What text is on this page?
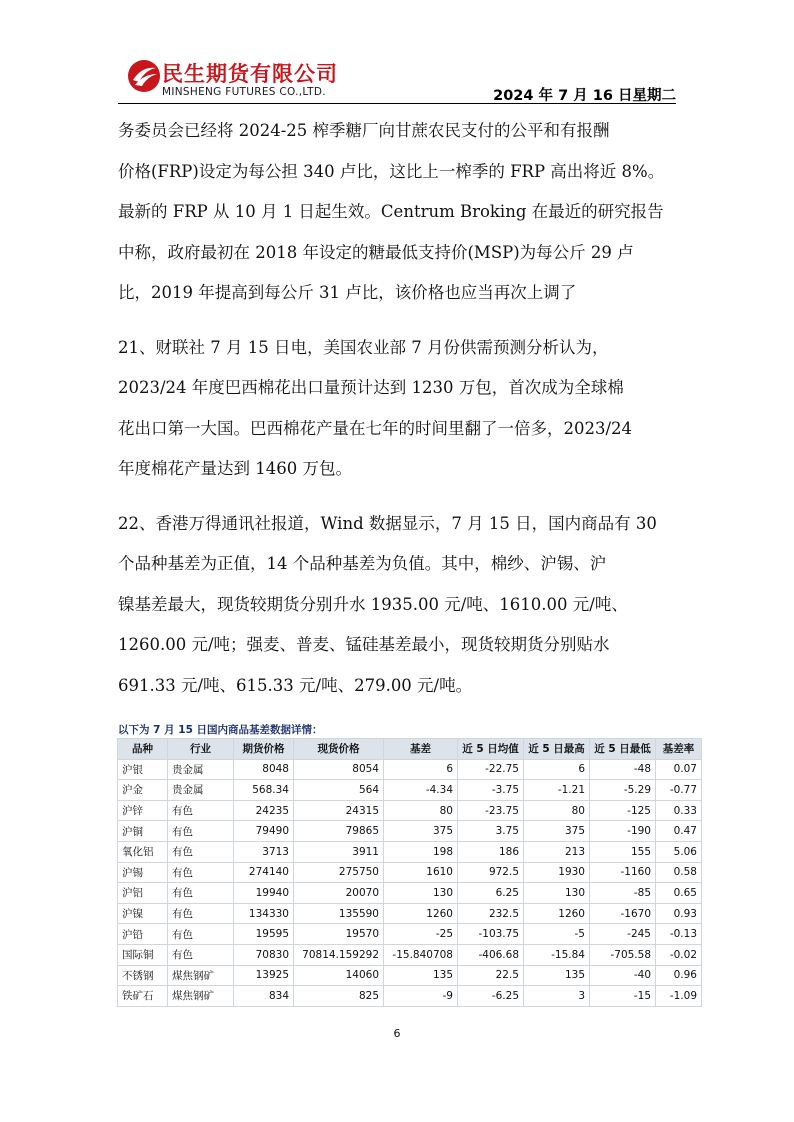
民生期货有限公司
MINSHENG FUTURES CO.,LTD.	2024 年 7 月 16 日星期二
务委员会已经将 2024-25 榨季糖厂向甘蔗农民支付的公平和有报酬
价格(FRP)设定为每公担 340 卢比，这比上一榨季的 FRP 高出将近 8%。
最新的 FRP 从 10 月 1 日起生效。Centrum Broking 在最近的研究报告
中称，政府最初在 2018 年设定的糖最低支持价(MSP)为每公斤 29 卢
比，2019 年提高到每公斤 31 卢比，该价格也应当再次上调了
21、财联社 7 月 15 日电，美国农业部 7 月份供需预测分析认为，
2023/24 年度巴西棉花出口量预计达到 1230 万包，首次成为全球棉
花出口第一大国。巴西棉花产量在七年的时间里翻了一倍多，2023/24
年度棉花产量达到 1460 万包。
22、香港万得通讯社报道，Wind 数据显示，7 月 15 日，国内商品有 30
个品种基差为正值，14 个品种基差为负值。其中，棉纱、沪锡、沪
镍基差最大，现货较期货分别升水 1935.00 元/吨、1610.00 元/吨、
1260.00 元/吨；强麦、普麦、锰硅基差最小，现货较期货分别贴水
691.33 元/吨、615.33 元/吨、279.00 元/吨。
以下为 7 月 15 日国内商品基差数据详情：
品种	行业	期货价格	现货价格	基差	近 5 日均值	近 5 日最高	近 5 日最低	基差率
沪银	贵金属	8048	8054	6	-22.75	6	-48	0.07
沪金	贵金属	568.34	564	-4.34	-3.75	-1.21	-5.29	-0.77
沪锌	有色	24235	24315	80	-23.75	80	-125	0.33
沪铜	有色	79490	79865	375	3.75	375	-190	0.47
氧化铝	有色	3713	3911	198	186	213	155	5.06
沪锡	有色	274140	275750	1610	972.5	1930	-1160	0.58
沪铝	有色	19940	20070	130	6.25	130	-85	0.65
沪镍	有色	134330	135590	1260	232.5	1260	-1670	0.93
沪铅	有色	19595	19570	-25	-103.75	-5	-245	-0.13
国际铜	有色	70830	70814.159292	-15.840708	-406.68	-15.84	-705.58	-0.02
不锈钢	煤焦钢矿	13925	14060	135	22.5	135	-40	0.96
铁矿石	煤焦钢矿	834	825	-9	-6.25	3	-15	-1.09
6
